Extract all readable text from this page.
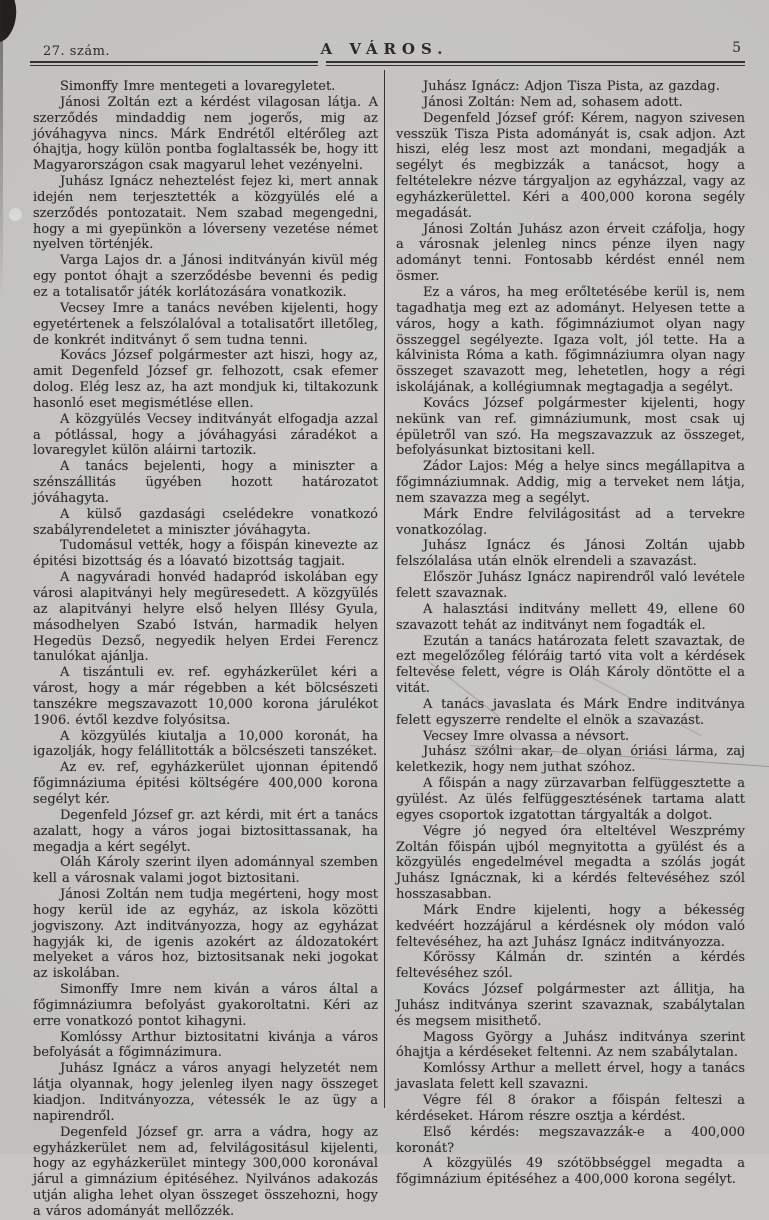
27. szám.	A VÁROS.	5

Simonffy Imre mentegeti a lovaregyletet.

Jánosi Zoltán ezt a kérdést vilagosan látja. A szerződés mindaddig nem jogerős, mig az jóváhagyva nincs. Márk Endrétől eltérőleg azt óhajtja, hogy külön pontba foglaltassék be, hogy itt Magyarországon csak magyarul lehet vezényelni.

Juhász Ignácz neheztelést fejez ki, mert annak idején nem terjesztették a közgyülés elé a szerződés pontozatait. Nem szabad megengedni, hogy a mi gyepünkön a lóverseny vezetése német nyelven történjék.

Varga Lajos dr. a Jánosi inditványán kivül még egy pontot óhajt a szerződésbe bevenni és pedig ez a totalisatőr játék korlátozására vonatkozik.

Vecsey Imre a tanács nevében kijelenti, hogy egyetértenek a felszólalóval a totalisatőrt illetőleg, de konkrét inditványt ő sem tudna tenni.

Kovács József polgármester azt hiszi, hogy az, amit Degenfeld József gr. felhozott, csak efemer dolog. Elég lesz az, ha azt mondjuk ki, tiltakozunk hasonló eset megismétlése ellen.

A közgyülés Vecsey inditványát elfogadja azzal a pótlással, hogy a jóváhagyási záradékot a lovaregylet külön aláirni tartozik.

A tanács bejelenti, hogy a miniszter a szénszállitás ügyében hozott határozatot jóváhagyta.

A külső gazdasági cselédekre vonatkozó szabályrendeletet a miniszter jóváhagyta.

Tudomásul vették, hogy a főispán kinevezte az épitési bizottság és a lóavató bizottság tagjait.

A nagyváradi honvéd hadapród iskolában egy városi alapitványi hely megüresedett. A közgyülés az alapitványi helyre első helyen Illésy Gyula, másodhelyen Szabó István, harmadik helyen Hegedüs Dezső, negyedik helyen Erdei Ferencz tanulókat ajánlja.

A tiszántuli ev. ref. egyházkerület kéri a várost, hogy a már régebben a két bölcsészeti tanszékre megszavazott 10,000 korona járulékot 1906. évtől kezdve folyósitsa.

A közgyülés kiutalja a 10,000 koronát, ha igazolják, hogy felállitották a bölcsészeti tanszéket.

Az ev. ref, egyházkerület ujonnan épitendő főgimnáziuma épitési költségére 400,000 korona segélyt kér.

Degenfeld József gr. azt kérdi, mit ért a tanács azalatt, hogy a város jogai biztosittassanak, ha megadja a kért segélyt.

Oláh Károly szerint ilyen adománnyal szemben kell a városnak valami jogot biztositani.

Jánosi Zoltán nem tudja megérteni, hogy most hogy kerül ide az egyház, az iskola közötti jogviszony. Azt inditványozza, hogy az egyházat hagyják ki, de igenis azokért az áldozatokért melyeket a város hoz, biztositsanak neki jogokat az iskolában.

Simonffy Imre nem kiván a város által a főgimnáziumra befolyást gyakoroltatni. Kéri az erre vonatkozó pontot kihagyni.

Komlóssy Arthur biztositatni kivánja a város befolyását a főgimnázimura.

Juhász Ignácz a város anyagi helyzetét nem látja olyannak, hogy jelenleg ilyen nagy összeget kiadjon. Inditványozza, vétessék le az ügy a napirendről.

Degenfeld József gr. arra a vádra, hogy az egyházkerület nem ad, felvilágositásul kijelenti, hogy az egyházkerület mintegy 300,000 koronával járul a gimnázium épitéséhez. Nyilvános adakozás utján aligha lehet olyan összeget összehozni, hogy a város adományát mellőzzék.

Juhász Ignácz: Adjon Tisza Pista, az gazdag.

Jánosi Zoltán: Nem ad, sohasem adott.

Degenfeld József gróf: Kérem, nagyon szivesen vesszük Tisza Pista adományát is, csak adjon. Azt hiszi, elég lesz most azt mondani, megadják a segélyt és megbizzák a tanácsot, hogy a feltételekre nézve tárgyaljon az egyházzal, vagy az egyházkerülettel. Kéri a 400,000 korona segély megadását.

Jánosi Zoltán Juhász azon érveit czáfolja, hogy a városnak jelenleg nincs pénze ilyen nagy adományt tenni. Fontosabb kérdést ennél nem ösmer.

Ez a város, ha meg erőltetésébe kerül is, nem tagadhatja meg ezt az adományt. Helyesen tette a város, hogy a kath. főgimnáziumot olyan nagy összeggel segélyezte. Igaza volt, jól tette. Ha a kálvinista Róma a kath. főgimnáziumra olyan nagy összeget szavazott meg, lehetetlen, hogy a régi iskolájának, a kollégiumnak megtagadja a segélyt.

Kovács József polgármester kijelenti, hogy nekünk van ref. gimnáziumunk, most csak uj épületről van szó. Ha megszavazzuk az összeget, befolyásunkat biztositani kell.

Zádor Lajos: Még a helye sincs megállapitva a főgimnáziumnak. Addig, mig a terveket nem látja, nem szavazza meg a segélyt.

Márk Endre felvilágositást ad a tervekre vonatkozólag.

Juhász Ignácz és Jánosi Zoltán ujabb felszólalása után elnök elrendeli a szavazást.

Először Juhász Ignácz napirendről való levétele felett szavaznak.

A halasztási inditvány mellett 49, ellene 60 szavazott tehát az inditványt nem fogadták el.

Ezután a tanács határozata felett szavaztak, de ezt megelőzőleg félóráig tartó vita volt a kérdések feltevése felett, végre is Oláh Károly döntötte el a vitát.

A tanács javaslata és Márk Endre inditványa felett egyszerre rendelte el elnök a szavazást.

Vecsey Imre olvassa a névsort.

Juhász szólni akar, de olyan óriási lárma, zaj keletkezik, hogy nem juthat szóhoz.

A főispán a nagy zürzavarban felfüggesztette a gyülést. Az ülés felfüggesztésének tartama alatt egyes csoportok izgatottan tárgyalták a dolgot.

Végre jó negyed óra elteltével Weszprémy Zoltán főispán ujból megnyitotta a gyülést és a közgyülés engedelmével megadta a szólás jogát Juhász Ignácznak, ki a kérdés feltevéséhez szól hosszasabban.

Márk Endre kijelenti, hogy a békesség kedvéért hozzájárul a kérdésnek oly módon való feltevéséhez, ha azt Juhász Ignácz inditványozza.

Kőrössy Kálmán dr. szintén a kérdés feltevéséhez szól.

Kovács József polgármester azt állitja, ha Juhász inditványa szerint szavaznak, szabálytalan és megsem misithető.

Magoss György a Juhász inditványa szerint óhajtja a kérdéseket feltenni. Az nem szabálytalan.

Komlóssy Arthur a mellett érvel, hogy a tanács javaslata felett kell szavazni.

Végre fél 8 órakor a főispán felteszi a kérdéseket. Három részre osztja a kérdést.

Első kérdés: megszavazzák-e a 400,000 koronát?

A közgyülés 49 szótöbbséggel megadta a főgimnázium épitéséhez a 400,000 korona segélyt.
